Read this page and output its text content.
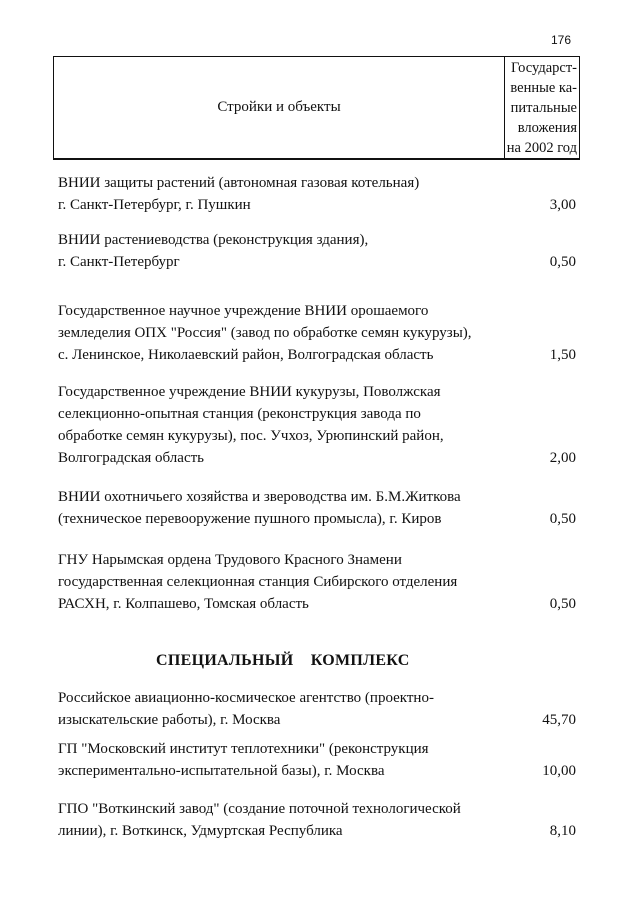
176
Стройки и объекты
Государст-
венные ка-
питальные
вложения
на 2002 год
ВНИИ защиты растений (автономная газовая котельная)
г. Санкт-Петербург, г. Пушкин	3,00
ВНИИ растениеводства (реконструкция здания),
г. Санкт-Петербург	0,50
Государственное научное учреждение ВНИИ орошаемого
земледелия ОПХ "Россия" (завод по обработке семян кукурузы),
с. Ленинское, Николаевский район, Волгоградская область	1,50
Государственное учреждение ВНИИ кукурузы, Поволжская
селекционно-опытная станция (реконструкция завода по
обработке семян кукурузы), пос. Учхоз, Урюпинский район,
Волгоградская область	2,00
ВНИИ охотничьего хозяйства и звероводства им. Б.М.Житкова
(техническое перевооружение пушного промысла), г. Киров	0,50
ГНУ Нарымская ордена Трудового Красного Знамени
государственная селекционная станция Сибирского отделения
РАСХН, г. Колпашево, Томская область	0,50
СПЕЦИАЛЬНЫЙ    КОМПЛЕКС
Российское авиационно-космическое агентство (проектно-
изыскательские работы), г. Москва	45,70
ГП "Московский институт теплотехники" (реконструкция
экспериментально-испытательной базы), г. Москва	10,00
ГПО "Воткинский завод" (создание поточной технологической
линии), г. Воткинск, Удмуртская Республика	8,10
